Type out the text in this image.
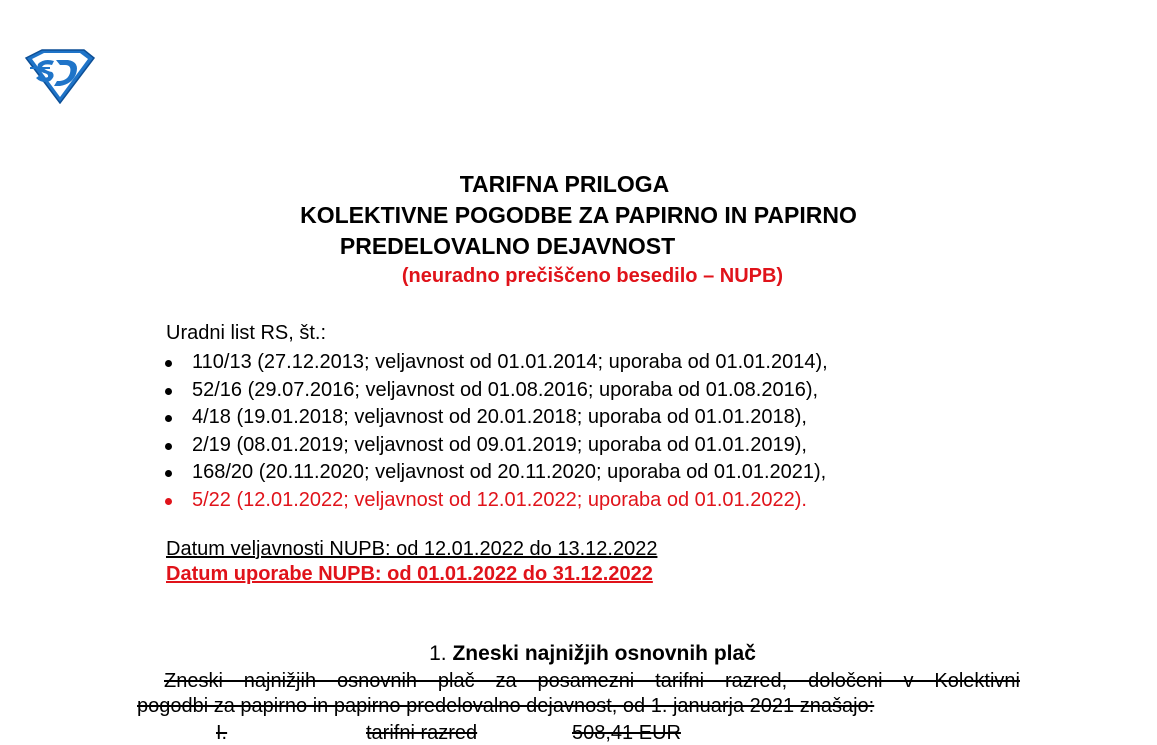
TARIFNA PRILOGA
KOLEKTIVNE POGODBE ZA PAPIRNO IN PAPIRNO
PREDELOVALNO DEJAVNOST
(neuradno prečiščeno besedilo – NUPB)
Uradni list RS, št.:
110/13 (27.12.2013; veljavnost od 01.01.2014; uporaba od 01.01.2014),
52/16 (29.07.2016; veljavnost od 01.08.2016; uporaba od 01.08.2016),
4/18 (19.01.2018; veljavnost od 20.01.2018; uporaba od 01.01.2018),
2/19 (08.01.2019; veljavnost od 09.01.2019; uporaba od 01.01.2019),
168/20 (20.11.2020; veljavnost od 20.11.2020; uporaba od 01.01.2021),
5/22 (12.01.2022; veljavnost od 12.01.2022; uporaba od 01.01.2022).
Datum veljavnosti NUPB: od 12.01.2022 do 13.12.2022
Datum uporabe NUPB: od 01.01.2022 do 31.12.2022
1. Zneski najnižjih osnovnih plač
Zneski najnižjih osnovnih plač za posamezni tarifni razred, določeni v Kolektivni
pogodbi za papirno in papirno predelovalno dejavnost, od 1. januarja 2021 znašajo:
I.	tarifni razred	508,41 EUR
